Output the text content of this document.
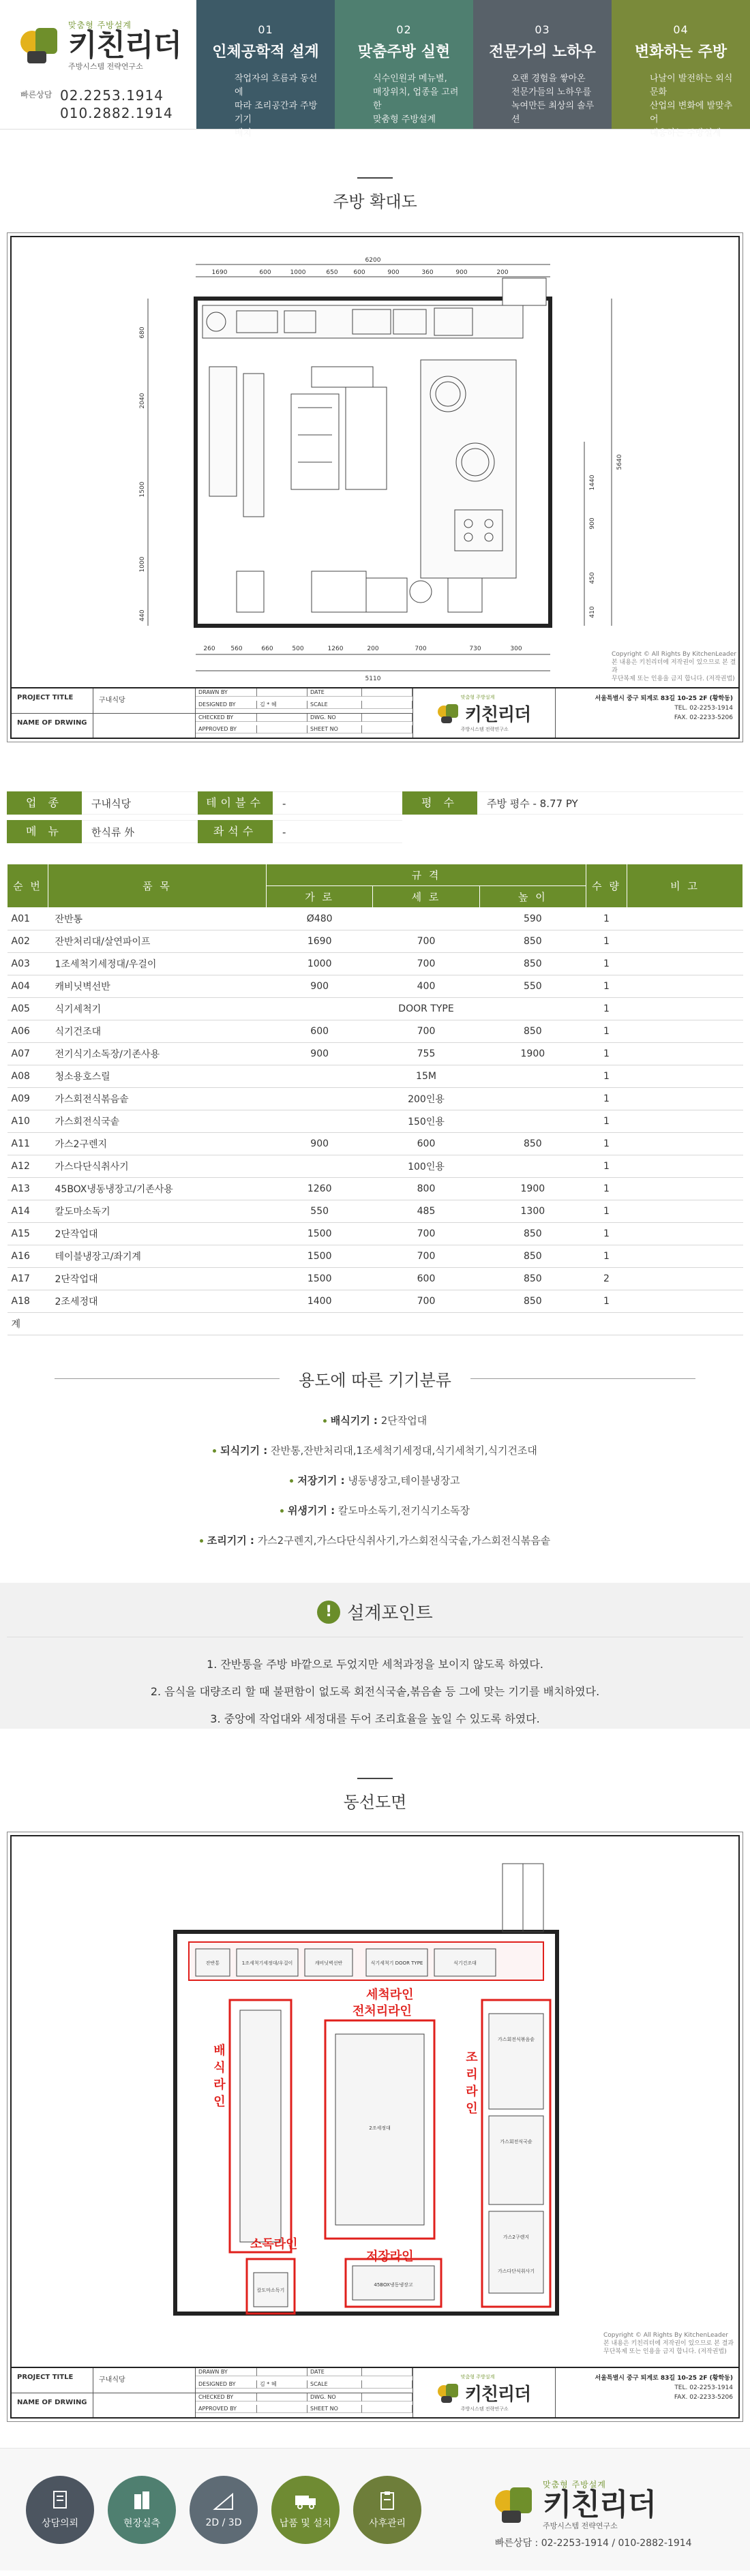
맞춤형 주방설계
키친리더
주방시스템 전략연구소
빠른상담 02.2253.1914
010.2882.1914
01
인체공학적 설계
작업자의 흐름과 동선에
따라 조리공간과 주방기기
배치
02
맞춤주방 실현
식수인원과 메뉴별,
매장위치, 업종을 고려한
맞춤형 주방설계
03
전문가의 노하우
오랜 경험을 쌓아온
전문가들의 노하우를
녹여만든 최상의 솔루션
04
변화하는 주방
나날이 발전하는 외식문화
산업의 변화에 발맞추어
대응하는 주방설계
주방 확대도
6200
1690	600	1000	650	600	900	360	900	200
680
2040
1500
1000
440
5640
1440
900
450
410
260	560	660	500	1260	200	700	730	300
5110
Copyright © All Rights By KitchenLeader
본 내용은 키친리더에 저작권이 있으므로 본 결과
무단복제 또는 인용을 금지 합니다. (저작권법)
PROJECT TITLE	구내식당
DRAWN BY	DATE
DESIGNED BY	김 * 혜	SCALE
NAME OF DRWING
CHECKED BY	DWG. NO
APPROVED BY	SHEET NO
맞춤형 주방설계
키친리더
주방시스템 전략연구소
서울특별시 중구 퇴계로 83길 10-25 2F (황학동)
TEL. 02-2253-1914
FAX. 02-2233-5206
업 종	구내식당	테이블수	-	평 수	주방 평수 - 8.77 PY
메 뉴	한식류 外	좌석수	-
순 번	품 목	규 격			수 량	비 고
		가 로	세 로	높 이		
A01	잔반통	Ø480		590	1	
A02	잔반처리대/살연파이프	1690	700	850	1	
A03	1조세척기세정대/우걸이	1000	700	850	1	
A04	캐비닛벽선반	900	400	550	1	
A05	식기세척기	DOOR TYPE			1	
A06	식기건조대	600	700	850	1	
A07	전기식기소독장/기존사용	900	755	1900	1	
A08	청소용호스릴	15M			1	
A09	가스회전식볶음솥	200인용			1	
A10	가스회전식국솥	150인용			1	
A11	가스2구렌지	900	600	850	1	
A12	가스다단식취사기	100인용			1	
A13	45BOX냉동냉장고/기존사용	1260	800	1900	1	
A14	칼도마소독기	550	485	1300	1	
A15	2단작업대	1500	700	850	1	
A16	테이블냉장고/좌기계	1500	700	850	1	
A17	2단작업대	1500	600	850	2	
A18	2조세정대	1400	700	850	1	
계						
용도에 따른 기기분류
배식기기 : 2단작업대
되식기기 : 잔반통,잔반처리대,1조세척기세정대,식기세척기,식기건조대
저장기기 : 냉동냉장고,테이블냉장고
위생기기 : 칼도마소독기,전기식기소독장
조리기기 : 가스2구렌지,가스다단식취사기,가스회전식국솥,가스회전식볶음솥
! 설계포인트
1. 잔반통을 주방 바깥으로 두었지만 세척과정을 보이지 않도록 하였다.
2. 음식을 대량조리 할 때 불편함이 없도록 회전식국솥,볶음솥 등 그에 맞는 기기를 배치하였다.
3. 중앙에 작업대와 세정대를 두어 조리효율을 높일 수 있도록 하였다.
동선도면
세척라인
전처리라인
저장라인
소독라인
배
식
라
인
조
리
라
인
잔반통	1조세척기세정대/우걸이	캐비닛벽선반	식기세척기 DOOR TYPE	식기건조대
2조세정대
가스회전식볶음솥
가스회전식국솥
가스2구렌지
가스다단식취사기
45BOX냉동냉장고
칼도마소독기
Copyright © All Rights By KitchenLeader
본 내용은 키친리더에 저작권이 있으므로 본 결과
무단복제 또는 인용을 금지 합니다. (저작권법)
PROJECT TITLE	구내식당
DRAWN BY	DATE
DESIGNED BY	김 * 혜	SCALE
NAME OF DRWING
CHECKED BY	DWG. NO
APPROVED BY	SHEET NO
맞춤형 주방설계
키친리더
주방시스템 전략연구소
서울특별시 중구 퇴계로 83길 10-25 2F (황학동)
TEL. 02-2253-1914
FAX. 02-2233-5206
상담의뢰	현장실측	2D / 3D	납품 및 설치	사후관리
맞춤형 주방설계
키친리더
주방시스템 전략연구소
빠른상담 : 02-2253-1914 / 010-2882-1914
